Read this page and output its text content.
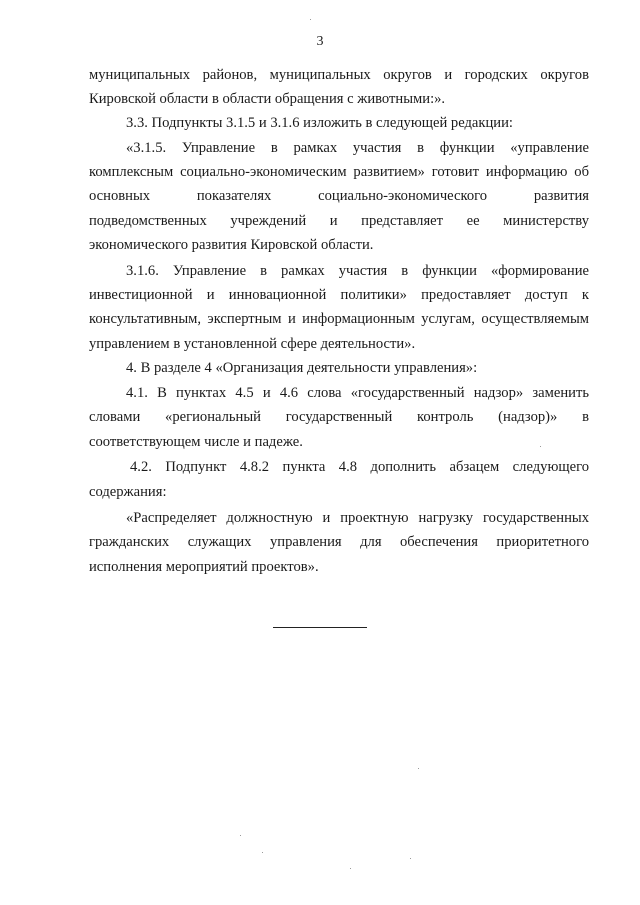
3
муниципальных районов, муниципальных округов и городских округов
Кировской области в области обращения с животными:».
3.3. Подпункты 3.1.5 и 3.1.6 изложить в следующей редакции:
«3.1.5. Управление в рамках участия в функции «управление
комплексным социально-экономическим развитием» готовит информацию об
основных показателях социально-экономического развития
подведомственных учреждений и представляет ее министерству
экономического развития Кировской области.
3.1.6. Управление в рамках участия в функции «формирование
инвестиционной и инновационной политики» предоставляет доступ к
консультативным, экспертным и информационным услугам, осуществляемым
управлением в установленной сфере деятельности».
4. В разделе 4 «Организация деятельности управления»:
4.1. В пунктах 4.5 и 4.6 слова «государственный надзор» заменить
словами «региональный государственный контроль (надзор)» в
соответствующем числе и падеже.
4.2. Подпункт 4.8.2 пункта 4.8 дополнить абзацем следующего
содержания:
«Распределяет должностную и проектную нагрузку государственных
гражданских служащих управления для обеспечения приоритетного
исполнения мероприятий проектов».
